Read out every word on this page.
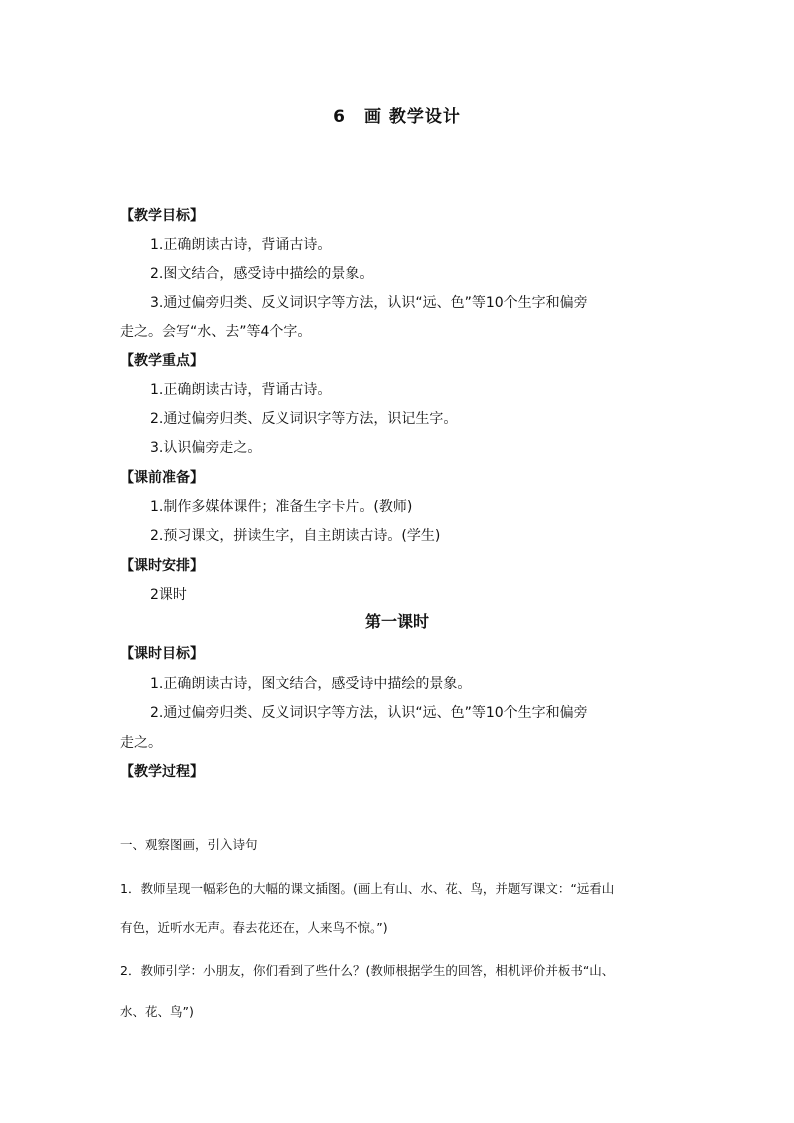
6　画 教学设计
【教学目标】
1.正确朗读古诗，背诵古诗。
2.图文结合，感受诗中描绘的景象。
3.通过偏旁归类、反义词识字等方法，认识“远、色”等10个生字和偏旁
走之。会写“水、去”等4个字。
【教学重点】
1.正确朗读古诗，背诵古诗。
2.通过偏旁归类、反义词识字等方法，识记生字。
3.认识偏旁走之。
【课前准备】
1.制作多媒体课件；准备生字卡片。(教师)
2.预习课文，拼读生字，自主朗读古诗。(学生)
【课时安排】
2课时
第一课时
【课时目标】
1.正确朗读古诗，图文结合，感受诗中描绘的景象。
2.通过偏旁归类、反义词识字等方法，认识“远、色”等10个生字和偏旁
走之。
【教学过程】
一、观察图画，引入诗句
1．教师呈现一幅彩色的大幅的课文插图。(画上有山、水、花、鸟，并题写课文：“远看山
有色，近听水无声。春去花还在，人来鸟不惊。”)
2．教师引学：小朋友，你们看到了些什么？(教师根据学生的回答，相机评价并板书“山、
水、花、鸟”)
